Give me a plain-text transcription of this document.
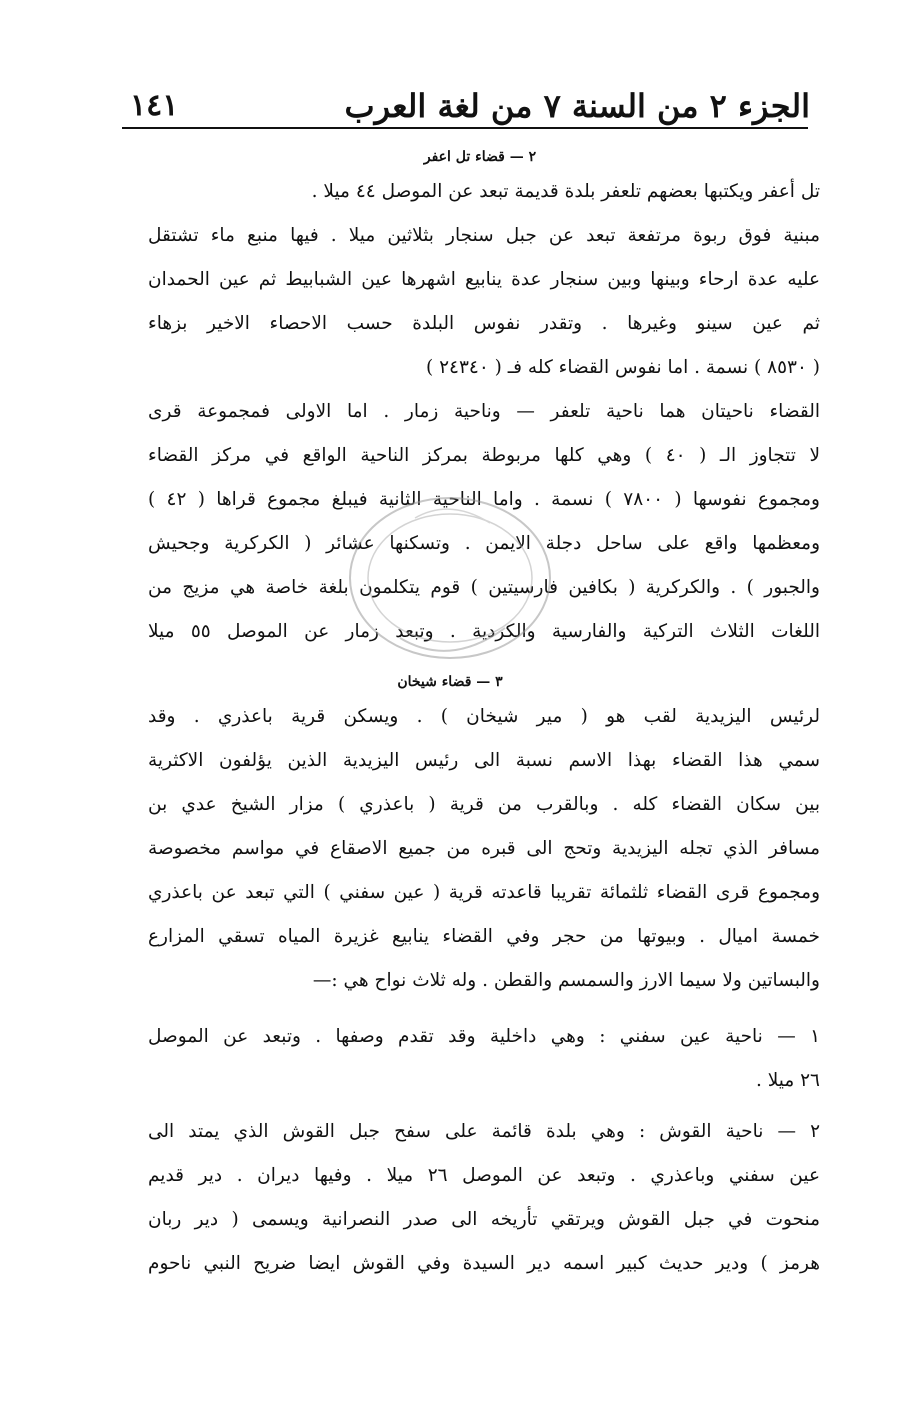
الجزء ٢ من السنة ٧ من لغة العرب
١٤١
٢ — قضاء تل اعفر
تل أعفر ويكتبها بعضهم تلعفر بلدة قديمة تبعد عن الموصل ٤٤ ميلا .
مبنية فوق ربوة مرتفعة تبعد عن جبل سنجار بثلاثين ميلا . فيها منبع ماء تشتقل
عليه عدة ارحاء وبينها وبين سنجار عدة ينابيع اشهرها عين الشبابيط ثم عين الحمدان
ثم عين سينو وغيرها . وتقدر نفوس البلدة حسب الاحصاء الاخير بزهاء
( ٨٥٣٠ ) نسمة . اما نفوس القضاء كله فـ ( ٢٤٣٤٠ )
القضاء ناحيتان هما ناحية تلعفر — وناحية زمار . اما الاولى فمجموعة قرى
لا تتجاوز الـ ( ٤٠ ) وهي كلها مربوطة بمركز الناحية الواقع في مركز القضاء
ومجموع نفوسها ( ٧٨٠٠ ) نسمة . واما الناحية الثانية فيبلغ مجموع قراها ( ٤٢ )
ومعظمها واقع على ساحل دجلة الايمن . وتسكنها عشائر ( الكركرية وجحيش
والجبور ) . والكركرية ( بكافين فارسيتين ) قوم يتكلمون بلغة خاصة هي مزيج من
اللغات الثلاث التركية والفارسية والكردية . وتبعد زمار عن الموصل ٥٥ ميلا
٣ — قضاء شيخان
لرئيس اليزيدية لقب هو ( مير شيخان ) . ويسكن قرية باعذري . وقد
سمي هذا القضاء بهذا الاسم نسبة الى رئيس اليزيدية الذين يؤلفون الاكثرية
بين سكان القضاء كله . وبالقرب من قرية ( باعذري ) مزار الشيخ عدي بن
مسافر الذي تجله اليزيدية وتحج الى قبره من جميع الاصقاع في مواسم مخصوصة
ومجموع قرى القضاء ثلثمائة تقريبا قاعدته قرية ( عين سفني ) التي تبعد عن باعذري
خمسة اميال . وبيوتها من حجر وفي القضاء ينابيع غزيرة المياه تسقي المزارع
والبساتين ولا سيما الارز والسمسم والقطن . وله ثلاث نواح هي :—
١ — ناحية عين سفني : وهي داخلية وقد تقدم وصفها . وتبعد عن الموصل
٢٦ ميلا .
٢ — ناحية القوش : وهي بلدة قائمة على سفح جبل القوش الذي يمتد الى
عين سفني وباعذري . وتبعد عن الموصل ٢٦ ميلا . وفيها ديران . دير قديم
منحوت في جبل القوش ويرتقي تأريخه الى صدر النصرانية ويسمى ( دير ربان
هرمز ) ودير حديث كبير اسمه دير السيدة وفي القوش ايضا ضريح النبي ناحوم
